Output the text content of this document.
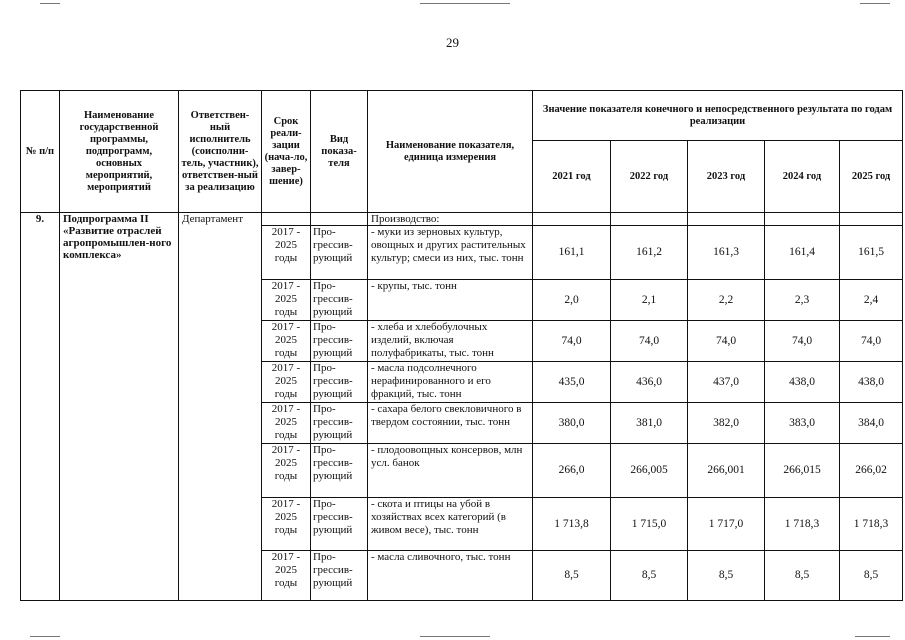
29
№ п/п	Наименование государственной программы, подпрограмм, основных мероприятий, мероприятий	Ответствен-ный исполнитель (соисполни-тель, участник), ответствен-ный за реализацию	Срок реали-зации (нача-ло, завер-шение)	Вид показа-теля	Наименование показателя, единица измерения	Значение показателя конечного и непосредственного результата по годам реализации				
						2021 год	2022 год	2023 год	2024 год	2025 год
9.	Подпрограмма II «Развитие отраслей агропромышлен-ного комплекса»	Департамент			Производство:					
			2017 - 2025 годы	Про-грессив-рующий	- муки из зерновых культур, овощных и других растительных культур; смеси из них, тыс. тонн	161,1	161,2	161,3	161,4	161,5
			2017 - 2025 годы	Про-грессив-рующий	- крупы, тыс. тонн	2,0	2,1	2,2	2,3	2,4
			2017 - 2025 годы	Про-грессив-рующий	- хлеба и хлебобулочных изделий, включая полуфабрикаты, тыс. тонн	74,0	74,0	74,0	74,0	74,0
			2017 - 2025 годы	Про-грессив-рующий	- масла подсолнечного нерафинированного и его фракций, тыс. тонн	435,0	436,0	437,0	438,0	438,0
			2017 - 2025 годы	Про-грессив-рующий	- сахара белого свекловичного в твердом состоянии, тыс. тонн	380,0	381,0	382,0	383,0	384,0
			2017 - 2025 годы	Про-грессив-рующий	- плодоовощных консервов, млн усл. банок	266,0	266,005	266,001	266,015	266,02
			2017 - 2025 годы	Про-грессив-рующий	- скота и птицы на убой в хозяйствах всех категорий (в живом весе), тыс. тонн	1 713,8	1 715,0	1 717,0	1 718,3	1 718,3
			2017 - 2025 годы	Про-грессив-рующий	- масла сливочного, тыс. тонн	8,5	8,5	8,5	8,5	8,5
